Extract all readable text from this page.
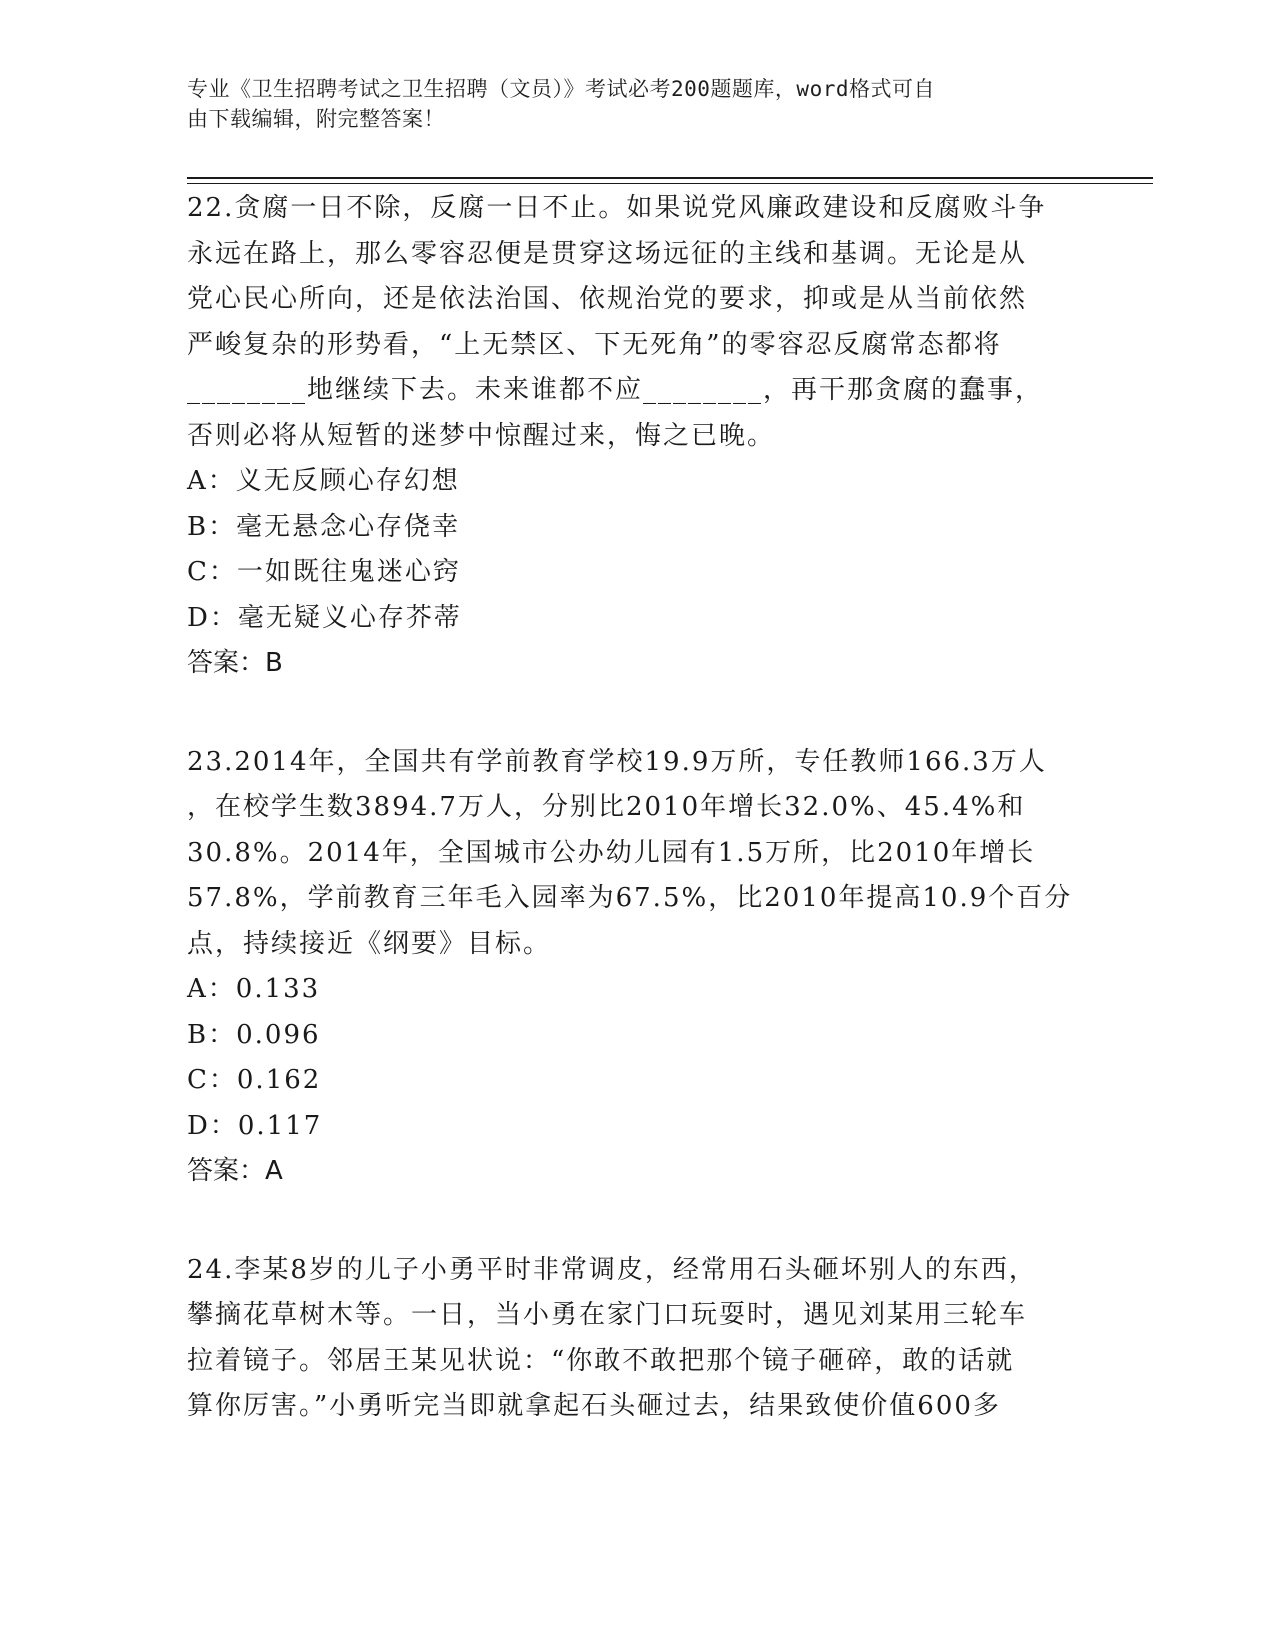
专业《卫生招聘考试之卫生招聘（文员）》考试必考200题题库，word格式可自
由下载编辑，附完整答案！
22.贪腐一日不除，反腐一日不止。如果说党风廉政建设和反腐败斗争
永远在路上，那么零容忍便是贯穿这场远征的主线和基调。无论是从
党心民心所向，还是依法治国、依规治党的要求，抑或是从当前依然
严峻复杂的形势看，“上无禁区、下无死角”的零容忍反腐常态都将
________地继续下去。未来谁都不应________，再干那贪腐的蠢事，
否则必将从短暂的迷梦中惊醒过来，悔之已晚。
A：义无反顾心存幻想
B：毫无悬念心存侥幸
C：一如既往鬼迷心窍
D：毫无疑义心存芥蒂
答案：B
23.2014年，全国共有学前教育学校19.9万所，专任教师166.3万人
，在校学生数3894.7万人，分别比2010年增长32.0%、45.4%和
30.8%。2014年，全国城市公办幼儿园有1.5万所，比2010年增长
57.8%，学前教育三年毛入园率为67.5%，比2010年提高10.9个百分
点，持续接近《纲要》目标。
A：0.133
B：0.096
C：0.162
D：0.117
答案：A
24.李某8岁的儿子小勇平时非常调皮，经常用石头砸坏别人的东西，
攀摘花草树木等。一日，当小勇在家门口玩耍时，遇见刘某用三轮车
拉着镜子。邻居王某见状说：“你敢不敢把那个镜子砸碎，敢的话就
算你厉害。”小勇听完当即就拿起石头砸过去，结果致使价值600多
